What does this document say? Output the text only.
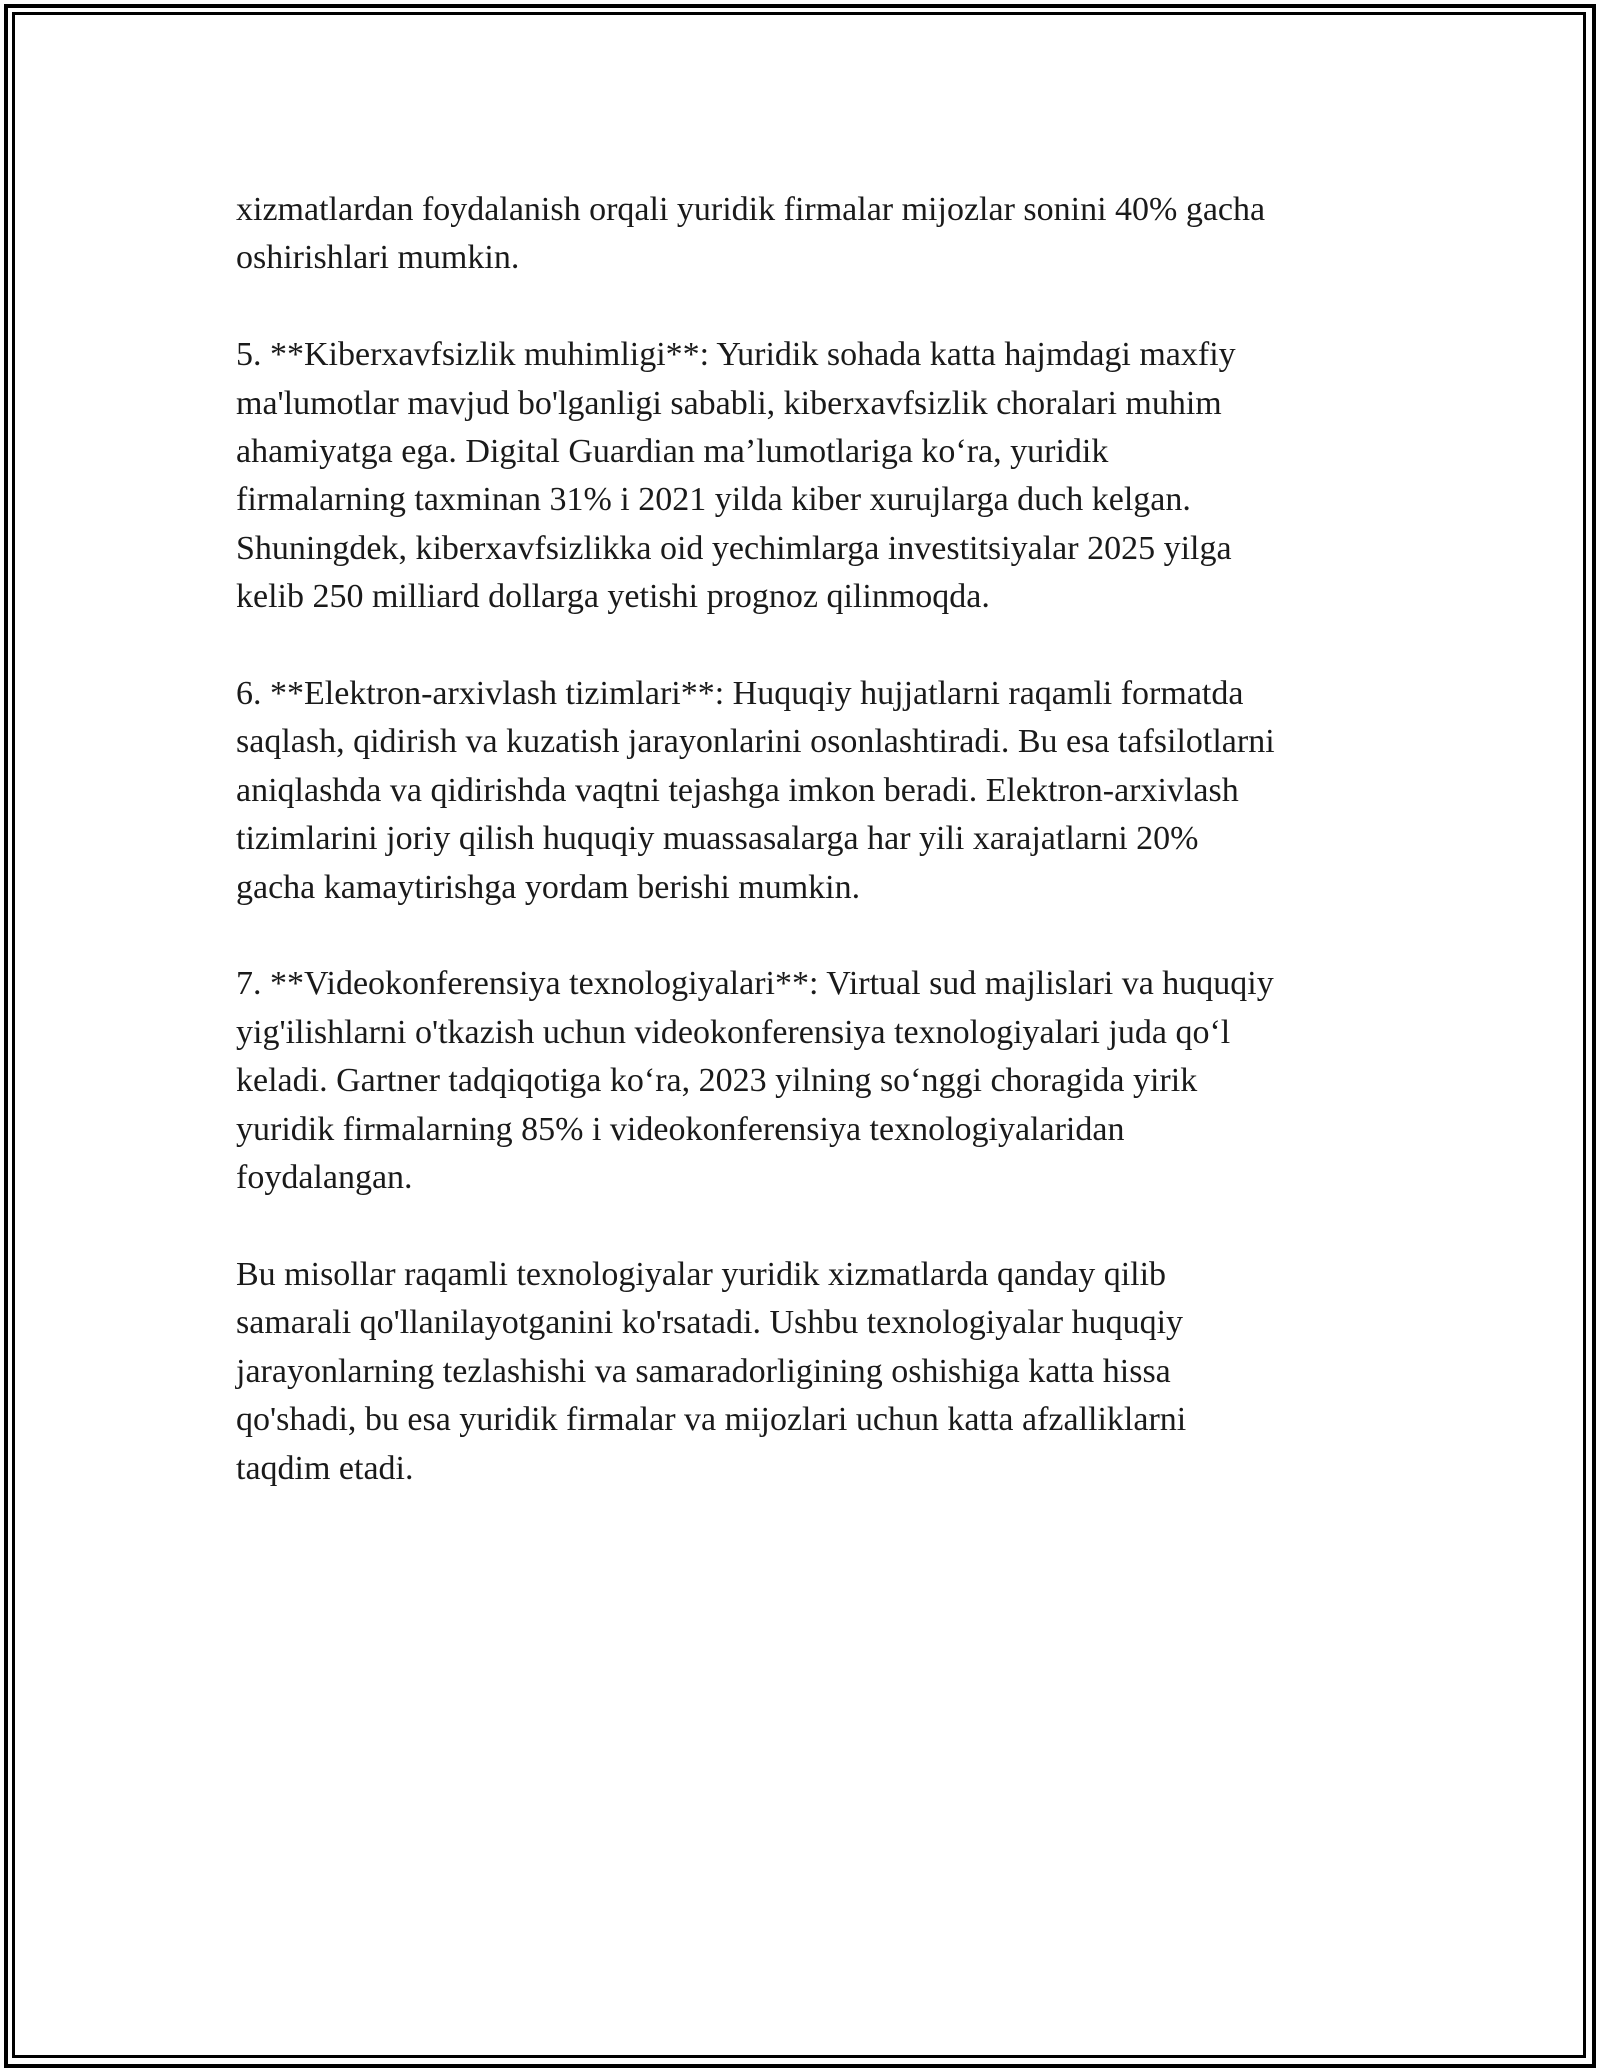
xizmatlardan foydalanish orqali yuridik firmalar mijozlar sonini 40% gacha
oshirishlari mumkin.
5. **Kiberxavfsizlik muhimligi**: Yuridik sohada katta hajmdagi maxfiy
ma'lumotlar mavjud bo'lganligi sababli, kiberxavfsizlik choralari muhim
ahamiyatga ega. Digital Guardian ma’lumotlariga ko‘ra, yuridik
firmalarning taxminan 31% i 2021 yilda kiber xurujlarga duch kelgan.
Shuningdek, kiberxavfsizlikka oid yechimlarga investitsiyalar 2025 yilga
kelib 250 milliard dollarga yetishi prognoz qilinmoqda.
6. **Elektron-arxivlash tizimlari**: Huquqiy hujjatlarni raqamli formatda
saqlash, qidirish va kuzatish jarayonlarini osonlashtiradi. Bu esa tafsilotlarni
aniqlashda va qidirishda vaqtni tejashga imkon beradi. Elektron-arxivlash
tizimlarini joriy qilish huquqiy muassasalarga har yili xarajatlarni 20%
gacha kamaytirishga yordam berishi mumkin.
7. **Videokonferensiya texnologiyalari**: Virtual sud majlislari va huquqiy
yig'ilishlarni o'tkazish uchun videokonferensiya texnologiyalari juda qo‘l
keladi. Gartner tadqiqotiga ko‘ra, 2023 yilning so‘nggi choragida yirik
yuridik firmalarning 85% i videokonferensiya texnologiyalaridan
foydalangan.
Bu misollar raqamli texnologiyalar yuridik xizmatlarda qanday qilib
samarali qo'llanilayotganini ko'rsatadi. Ushbu texnologiyalar huquqiy
jarayonlarning tezlashishi va samaradorligining oshishiga katta hissa
qo'shadi, bu esa yuridik firmalar va mijozlari uchun katta afzalliklarni
taqdim etadi.
